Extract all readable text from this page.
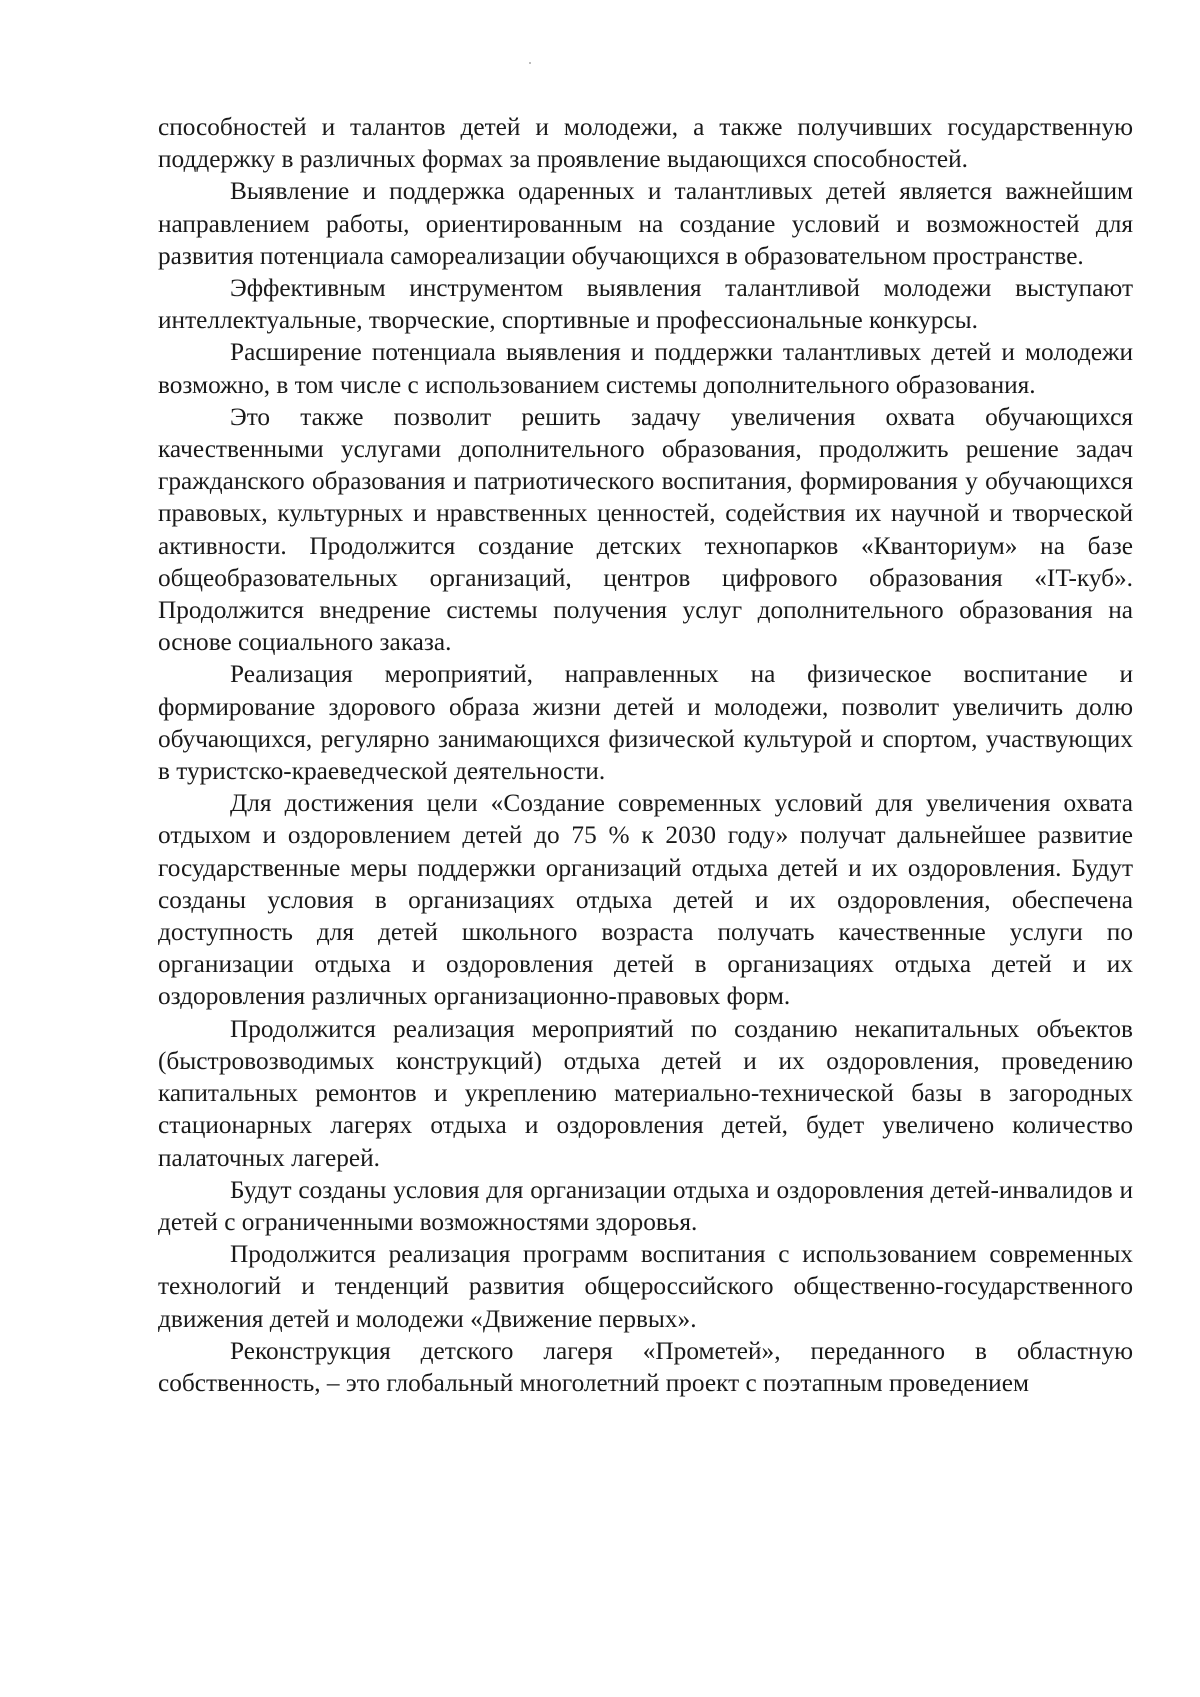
способностей и талантов детей и молодежи, а также получивших государственную поддержку в различных формах за проявление выдающихся способностей.

Выявление и поддержка одаренных и талантливых детей является важнейшим направлением работы, ориентированным на создание условий и возможностей для развития потенциала самореализации обучающихся в образовательном пространстве.

Эффективным инструментом выявления талантливой молодежи выступают интеллектуальные, творческие, спортивные и профессиональные конкурсы.

Расширение потенциала выявления и поддержки талантливых детей и молодежи возможно, в том числе с использованием системы дополнительного образования.

Это также позволит решить задачу увеличения охвата обучающихся качественными услугами дополнительного образования, продолжить решение задач гражданского образования и патриотического воспитания, формирования у обучающихся правовых, культурных и нравственных ценностей, содействия их научной и творческой активности. Продолжится создание детских технопарков «Кванториум» на базе общеобразовательных организаций, центров цифрового образования «IT-куб». Продолжится внедрение системы получения услуг дополнительного образования на основе социального заказа.

Реализация мероприятий, направленных на физическое воспитание и формирование здорового образа жизни детей и молодежи, позволит увеличить долю обучающихся, регулярно занимающихся физической культурой и спортом, участвующих в туристско-краеведческой деятельности.

Для достижения цели «Создание современных условий для увеличения охвата отдыхом и оздоровлением детей до 75 % к 2030 году» получат дальнейшее развитие государственные меры поддержки организаций отдыха детей и их оздоровления. Будут созданы условия в организациях отдыха детей и их оздоровления, обеспечена доступность для детей школьного возраста получать качественные услуги по организации отдыха и оздоровления детей в организациях отдыха детей и их оздоровления различных организационно-правовых форм.

Продолжится реализация мероприятий по созданию некапитальных объектов (быстровозводимых конструкций) отдыха детей и их оздоровления, проведению капитальных ремонтов и укреплению материально-технической базы в загородных стационарных лагерях отдыха и оздоровления детей, будет увеличено количество палаточных лагерей.

Будут созданы условия для организации отдыха и оздоровления детей-инвалидов и детей с ограниченными возможностями здоровья.

Продолжится реализация программ воспитания с использованием современных технологий и тенденций развития общероссийского общественно-государственного движения детей и молодежи «Движение первых».

Реконструкция детского лагеря «Прометей», переданного в областную собственность, – это глобальный многолетний проект с поэтапным проведением
